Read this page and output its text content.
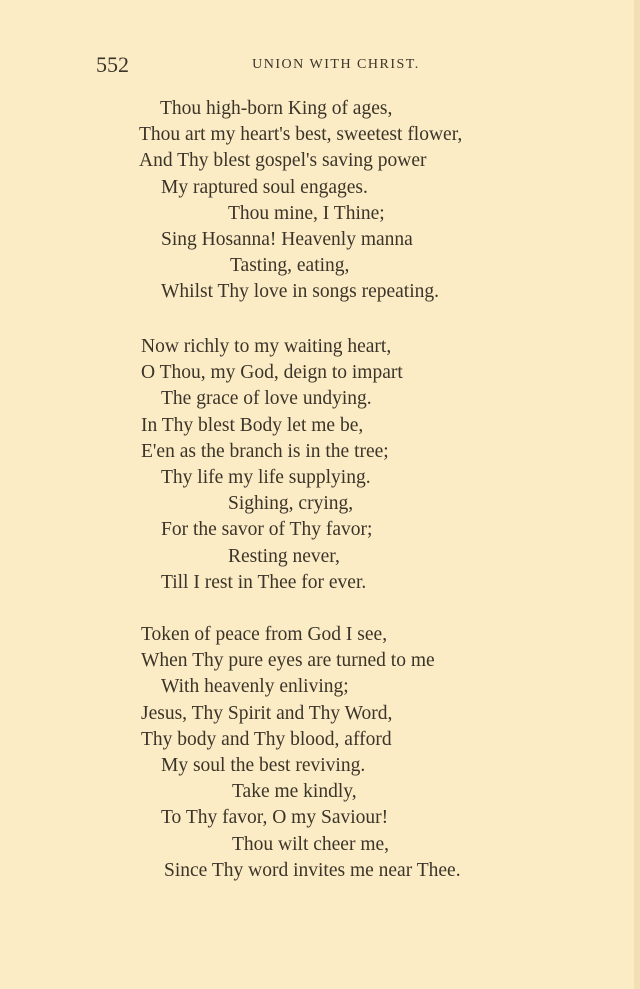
552	UNION WITH CHRIST.
Thou high-born King of ages,
Thou art my heart's best, sweetest flower,
And Thy blest gospel's saving power
My raptured soul engages.
Thou mine, I Thine;
Sing Hosanna! Heavenly manna
Tasting, eating,
Whilst Thy love in songs repeating.
Now richly to my waiting heart,
O Thou, my God, deign to impart
The grace of love undying.
In Thy blest Body let me be,
E'en as the branch is in the tree;
Thy life my life supplying.
Sighing, crying,
For the savor of Thy favor;
Resting never,
Till I rest in Thee for ever.
Token of peace from God I see,
When Thy pure eyes are turned to me
With heavenly enliving;
Jesus, Thy Spirit and Thy Word,
Thy body and Thy blood, afford
My soul the best reviving.
Take me kindly,
To Thy favor, O my Saviour!
Thou wilt cheer me,
Since Thy word invites me near Thee.
